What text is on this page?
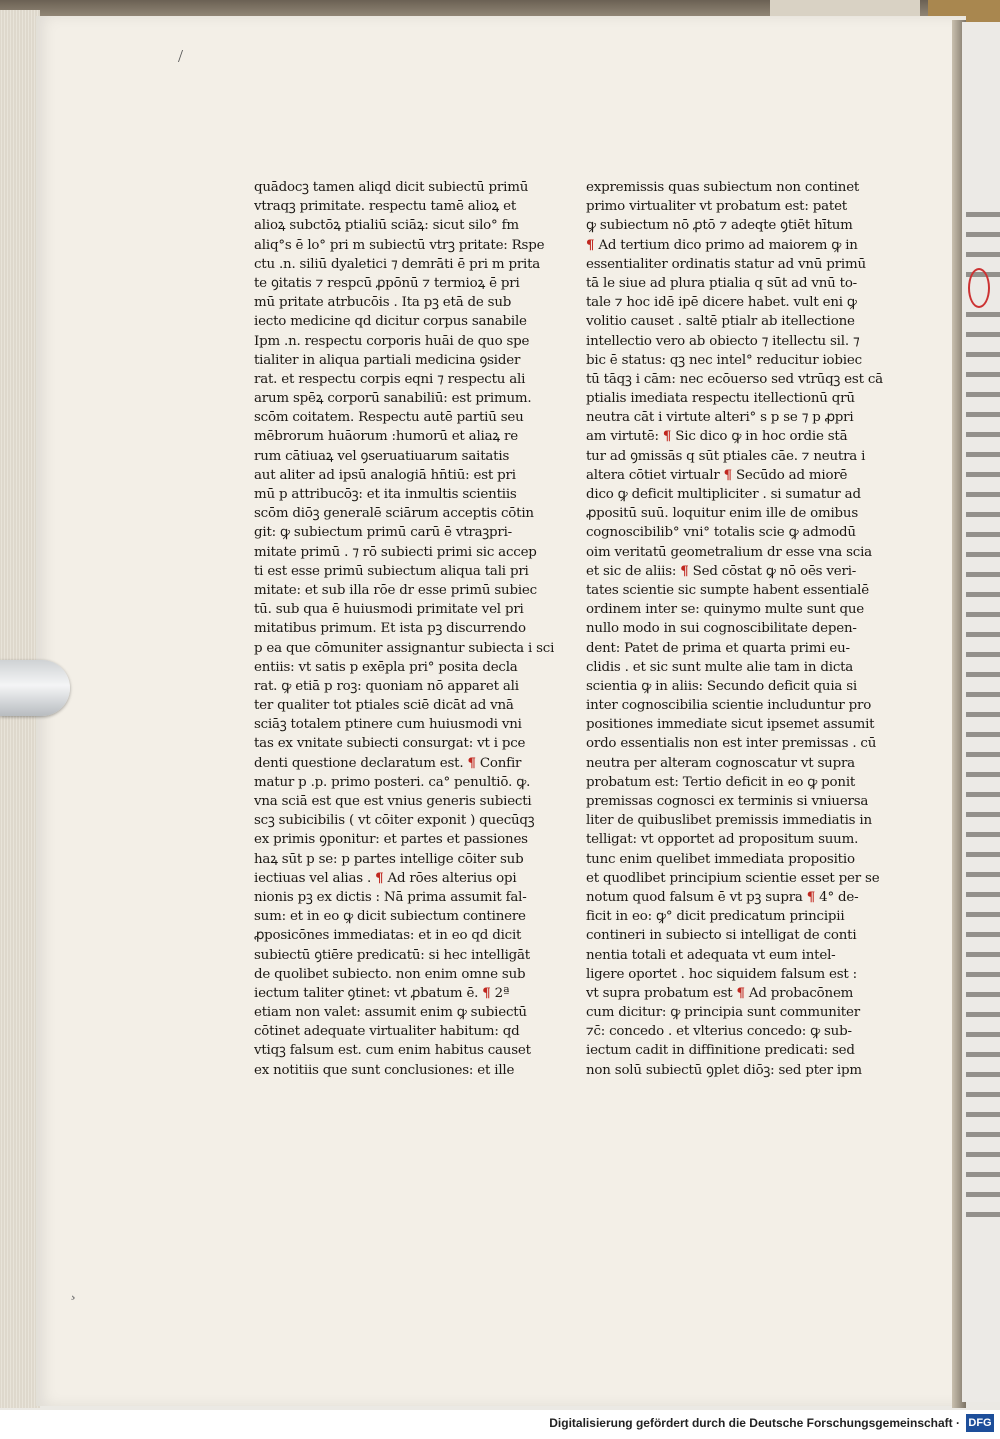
/
¸
quādocꝫ tamen aliqd dicit subiectū primū
vtraqꝫ primitate. respectu tamē alioꝝ et
alioꝝ subctōꝝ ptialiū sciāꝝ: sicut silo° fm
aliq°s ē lo° pri m subiectū vtrꝫ pritate: Rspe
ctu .n. siliū dyaletici ⁊ demrāti ē pri m prita
te ꝯitatis ⁊ respcū ꝓpōnū ⁊ termioꝝ ē pri
mū pritate atrbucōis . Ita pꝫ etā de sub
iecto medicine qd dicitur corpus sanabile
Ipm .n. respectu corporis huāi de quo spe
tialiter in aliqua partiali medicina ꝯsider
rat. et respectu corpis eqni ⁊ respectu ali
arum spēꝝ corporū sanabiliū: est primum.
scōm coitatem. Respectu autē partiū seu
mēbrorum huāorum :humorū et aliaꝝ re
rum cātiuaꝝ vel ꝯseruatiuarum saitatis
aut aliter ad ipsū analogiā hn̄tiū: est pri
mū p attribucōꝫ: et ita inmultis scientiis
scōm diōꝫ generalē sciārum acceptis cōtin
git: ꝙ subiectum primū carū ē vtraꝫpri-
mitate primū . ⁊ rō subiecti primi sic accep
ti est esse primū subiectum aliqua tali pri
mitate: et sub illa rōe dr esse primū subiec
tū. sub qua ē huiusmodi primitate vel pri
mitatibus primum. Et ista pꝫ discurrendo
p ea que cōmuniter assignantur subiecta i sci
entiis: vt satis p exēpla pri° posita decla
rat. ꝙ etiā p roꝫ: quoniam nō apparet ali
ter qualiter tot ptiales sciē dicāt ad vnā
sciāꝫ totalem ptinere cum huiusmodi vni
tas ex vnitate subiecti consurgat: vt i pce
denti questione declaratum est. ¶ Confir
matur p .p. primo posteri. ca° penultiō. ꝙ.
vna sciā est que est vnius generis subiecti
scꝫ subicibilis ( vt cōiter exponit ) quecūqꝫ
ex primis ꝯponitur: et partes et passiones
haꝝ sūt p se: p partes intellige cōiter sub
iectiuas vel alias . ¶ Ad rōes alterius opi
nionis pꝫ ex dictis : Nā prima assumit fal-
sum: et in eo ꝙ dicit subiectum continere
ꝓposicōnes immediatas: et in eo qd dicit
subiectū ꝯtiēre predicatū: si hec intelligāt
de quolibet subiecto. non enim omne sub
iectum taliter ꝯtinet: vt ꝓbatum ē. ¶ 2ª
etiam non valet: assumit enim ꝙ subiectū
cōtinet adequate virtualiter habitum: qd
vtiqꝫ falsum est. cum enim habitus causet
ex notitiis que sunt conclusiones: et ille
expremissis quas subiectum non continet
primo virtualiter vt probatum est: patet
ꝙ subiectum nō ꝓtō ⁊ adeqte ꝯtiēt hītum
¶ Ad tertium dico primo ad maiorem ꝙ in
essentialiter ordinatis statur ad vnū primū
tā le siue ad plura ptialia q sūt ad vnū to-
tale ⁊ hoc idē ipē dicere habet. vult eni ꝙ
volitio causet . saltē ptialr ab itellectione
intellectio vero ab obiecto ⁊ itellectu sil. ⁊
bic ē status: qꝫ nec intel° reducitur iobiec
tū tāqꝫ i cām: nec ecōuerso sed vtrūqꝫ est cā
ptialis imediata respectu itellectionū qrū
neutra cāt i virtute alteri° s p se ⁊ p ꝓpri
am virtutē: ¶ Sic dico ꝙ in hoc ordie stā
tur ad ꝯmissās q sūt ptiales cāe. ⁊ neutra i
altera cōtiet virtualr ¶ Secūdo ad miorē
dico ꝙ deficit multipliciter . si sumatur ad
ꝓpositū suū. loquitur enim ille de omibus
cognoscibilib° vni° totalis scie ꝙ admodū
oim veritatū geometralium dr esse vna scia
et sic de aliis: ¶ Sed cōstat ꝙ nō oēs veri-
tates scientie sic sumpte habent essentialē
ordinem inter se: quinymo multe sunt que
nullo modo in sui cognoscibilitate depen-
dent: Patet de prima et quarta primi eu-
clidis . et sic sunt multe alie tam in dicta
scientia ꝙ in aliis: Secundo deficit quia si
inter cognoscibilia scientie includuntur pro
positiones immediate sicut ipsemet assumit
ordo essentialis non est inter premissas . cū
neutra per alteram cognoscatur vt supra
probatum est: Tertio deficit in eo ꝙ ponit
premissas cognosci ex terminis si vniuersa
liter de quibuslibet premissis immediatis in
telligat: vt opportet ad propositum suum.
tunc enim quelibet immediata propositio
et quodlibet principium scientie esset per se
notum quod falsum ē vt pꝫ supra ¶ 4° de-
ficit in eo: ꝙ° dicit predicatum principii
contineri in subiecto si intelligat de conti
nentia totali et adequata vt eum intel-
ligere oportet . hoc siquidem falsum est :
vt supra probatum est ¶ Ad probacōnem
cum dicitur: ꝙ principia sunt communiter
⁊c̄: concedo . et vlterius concedo: ꝙ sub-
iectum cadit in diffinitione predicati: sed
non solū subiectū ꝯplet diōꝫ: sed pter ipm
Digitalisierung gefördert durch die Deutsche Forschungsgemeinschaft · DFG
